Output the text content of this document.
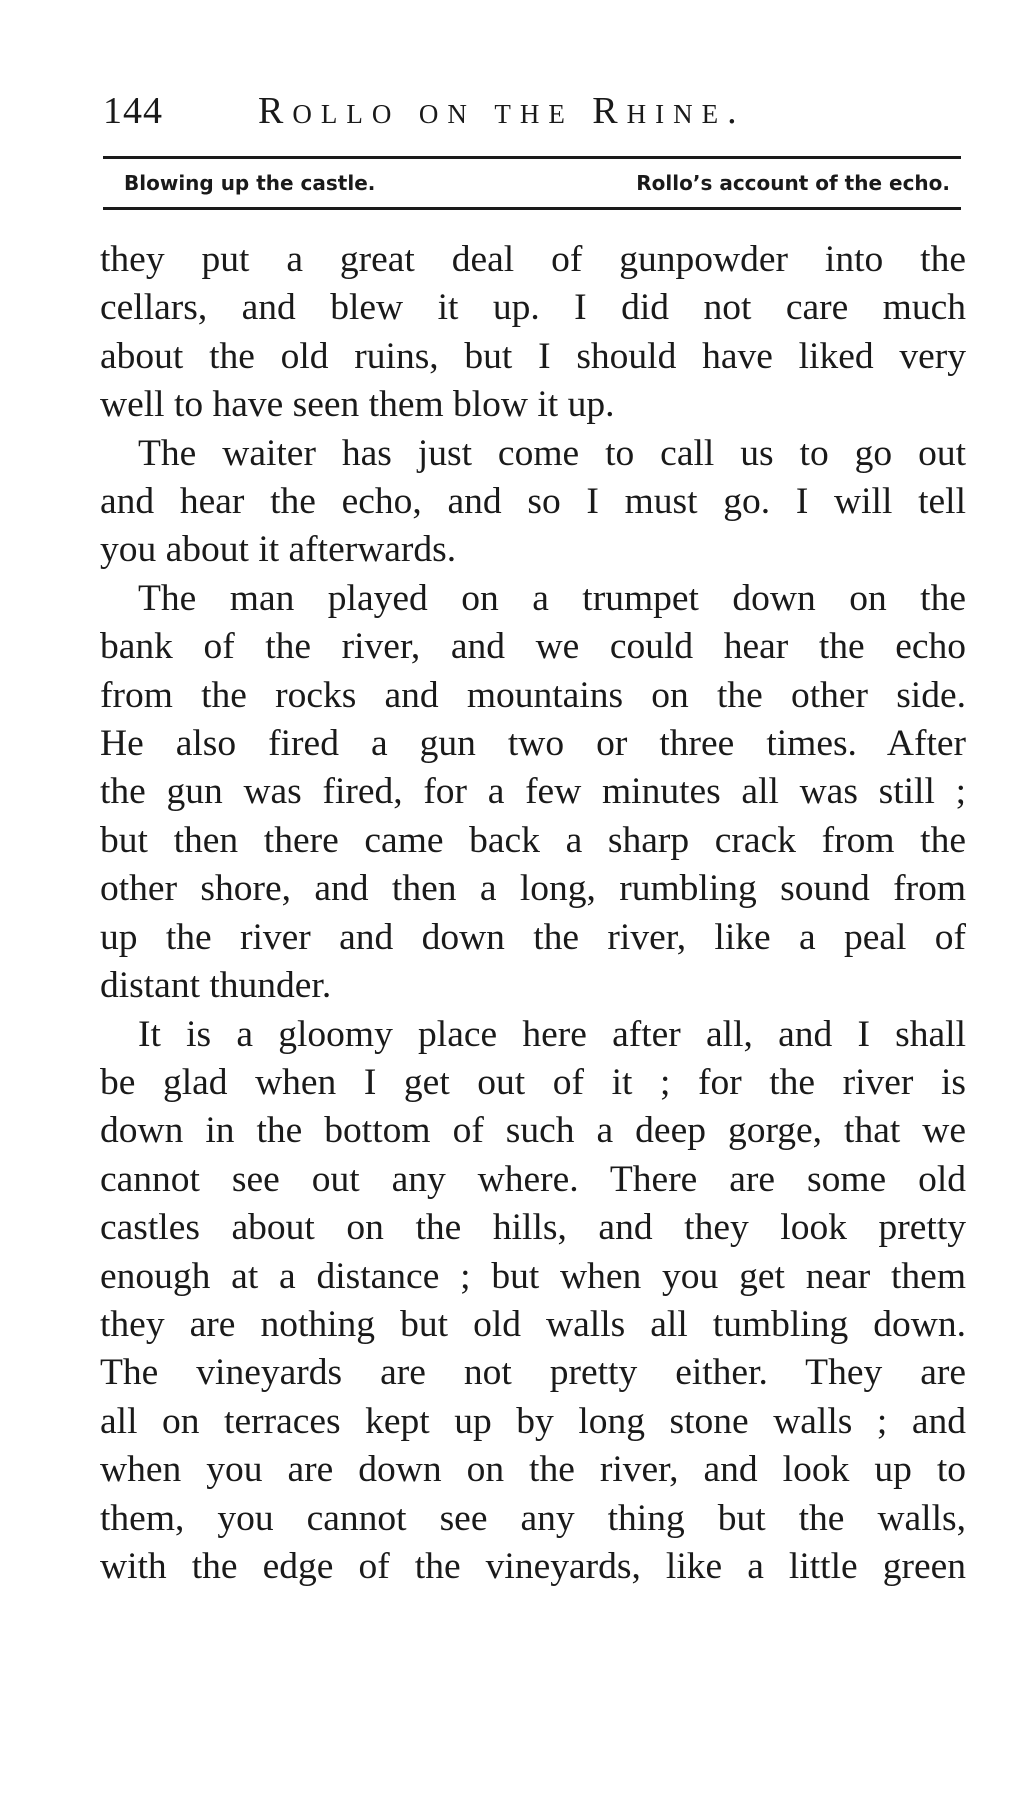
144	Rollo on the Rhine.
Blowing up the castle.	Rollo’s account of the echo.
they put a great deal of gunpowder into the
cellars, and blew it up. I did not care much
about the old ruins, but I should have liked very
well to have seen them blow it up.
The waiter has just come to call us to go out
and hear the echo, and so I must go. I will tell
you about it afterwards.
The man played on a trumpet down on the
bank of the river, and we could hear the echo
from the rocks and mountains on the other side.
He also fired a gun two or three times. After
the gun was fired, for a few minutes all was still ;
but then there came back a sharp crack from the
other shore, and then a long, rumbling sound from
up the river and down the river, like a peal of
distant thunder.
It is a gloomy place here after all, and I shall
be glad when I get out of it ; for the river is
down in the bottom of such a deep gorge, that we
cannot see out any where. There are some old
castles about on the hills, and they look pretty
enough at a distance ; but when you get near them
they are nothing but old walls all tumbling down.
The vineyards are not pretty either. They are
all on terraces kept up by long stone walls ; and
when you are down on the river, and look up to
them, you cannot see any thing but the walls,
with the edge of the vineyards, like a little green
